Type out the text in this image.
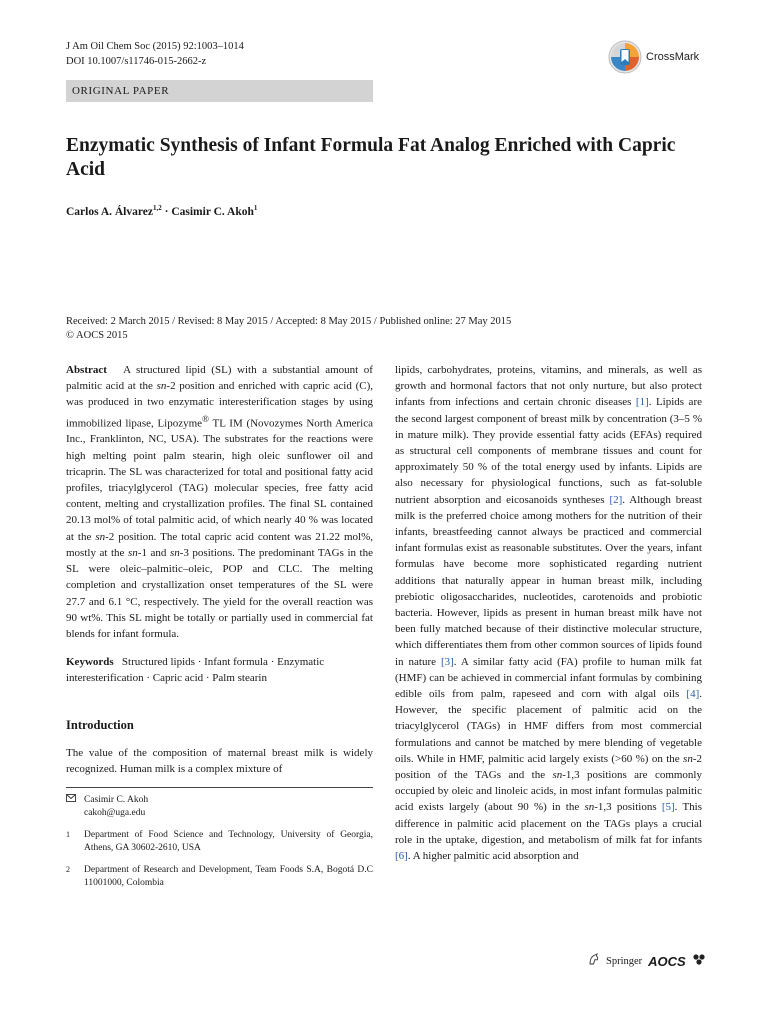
J Am Oil Chem Soc (2015) 92:1003–1014
DOI 10.1007/s11746-015-2662-z	CrossMark
ORIGINAL PAPER
Enzymatic Synthesis of Infant Formula Fat Analog Enriched with Capric Acid
Carlos A. Álvarez$^{1,2}$ · Casimir C. Akoh$^1$
Received: 2 March 2015 / Revised: 8 May 2015 / Accepted: 8 May 2015 / Published online: 27 May 2015
© AOCS 2015

Abstract A structured lipid (SL) with a substantial amount of palmitic acid at the sn-2 position and enriched with capric acid (C), was produced in two enzymatic interesterification stages by using immobilized lipase, Lipozyme® TL IM (Novozymes North America Inc., Franklinton, NC, USA). The substrates for the reactions were high melting point palm stearin, high oleic sunflower oil and tricaprin. The SL was characterized for total and positional fatty acid profiles, triacylglycerol (TAG) molecular species, free fatty acid content, melting and crystallization profiles. The final SL contained 20.13 mol% of total palmitic acid, of which nearly 40 % was located at the sn-2 position. The total capric acid content was 21.22 mol%, mostly at the sn-1 and sn-3 positions. The predominant TAGs in the SL were oleic–palmitic–oleic, POP and CLC. The melting completion and crystallization onset temperatures of the SL were 27.7 and 6.1 °C, respectively. The yield for the overall reaction was 90 wt%. This SL might be totally or partially used in commercial fat blends for infant formula.

Keywords Structured lipids · Infant formula · Enzymatic interesterification · Capric acid · Palm stearin

Introduction

The value of the composition of maternal breast milk is widely recognized. Human milk is a complex mixture of

Casimir C. Akoh
cakoh@uga.edu
1	Department of Food Science and Technology, University of Georgia, Athens, GA 30602-2610, USA
2	Department of Research and Development, Team Foods S.A, Bogotá D.C 11001000, Colombia

lipids, carbohydrates, proteins, vitamins, and minerals, as well as growth and hormonal factors that not only nurture, but also protect infants from infections and certain chronic diseases [1]. Lipids are the second largest component of breast milk by concentration (3–5 % in mature milk). They provide essential fatty acids (EFAs) required as structural cell components of membrane tissues and count for approximately 50 % of the total energy used by infants. Lipids are also necessary for physiological functions, such as fat-soluble nutrient absorption and eicosanoids syntheses [2]. Although breast milk is the preferred choice among mothers for the nutrition of their infants, breastfeeding cannot always be practiced and commercial infant formulas exist as reasonable substitutes. Over the years, infant formulas have become more sophisticated regarding nutrient additions that naturally appear in human breast milk, including prebiotic oligosaccharides, nucleotides, carotenoids and probiotic bacteria. However, lipids as present in human breast milk have not been fully matched because of their distinctive molecular structure, which differentiates them from other common sources of lipids found in nature [3]. A similar fatty acid (FA) profile to human milk fat (HMF) can be achieved in commercial infant formulas by combining edible oils from palm, rapeseed and corn with algal oils [4]. However, the specific placement of palmitic acid on the triacylglycerol (TAGs) in HMF differs from most commercial formulations and cannot be matched by mere blending of vegetable oils. While in HMF, palmitic acid largely exists (>60 %) on the sn-2 position of the TAGs and the sn-1,3 positions are commonly occupied by oleic and linoleic acids, in most infant formulas palmitic acid exists largely (about 90 %) in the sn-1,3 positions [5]. This difference in palmitic acid placement on the TAGs plays a crucial role in the uptake, digestion, and metabolism of milk fat for infants [6]. A higher palmitic acid absorption and

Springer AOCS
